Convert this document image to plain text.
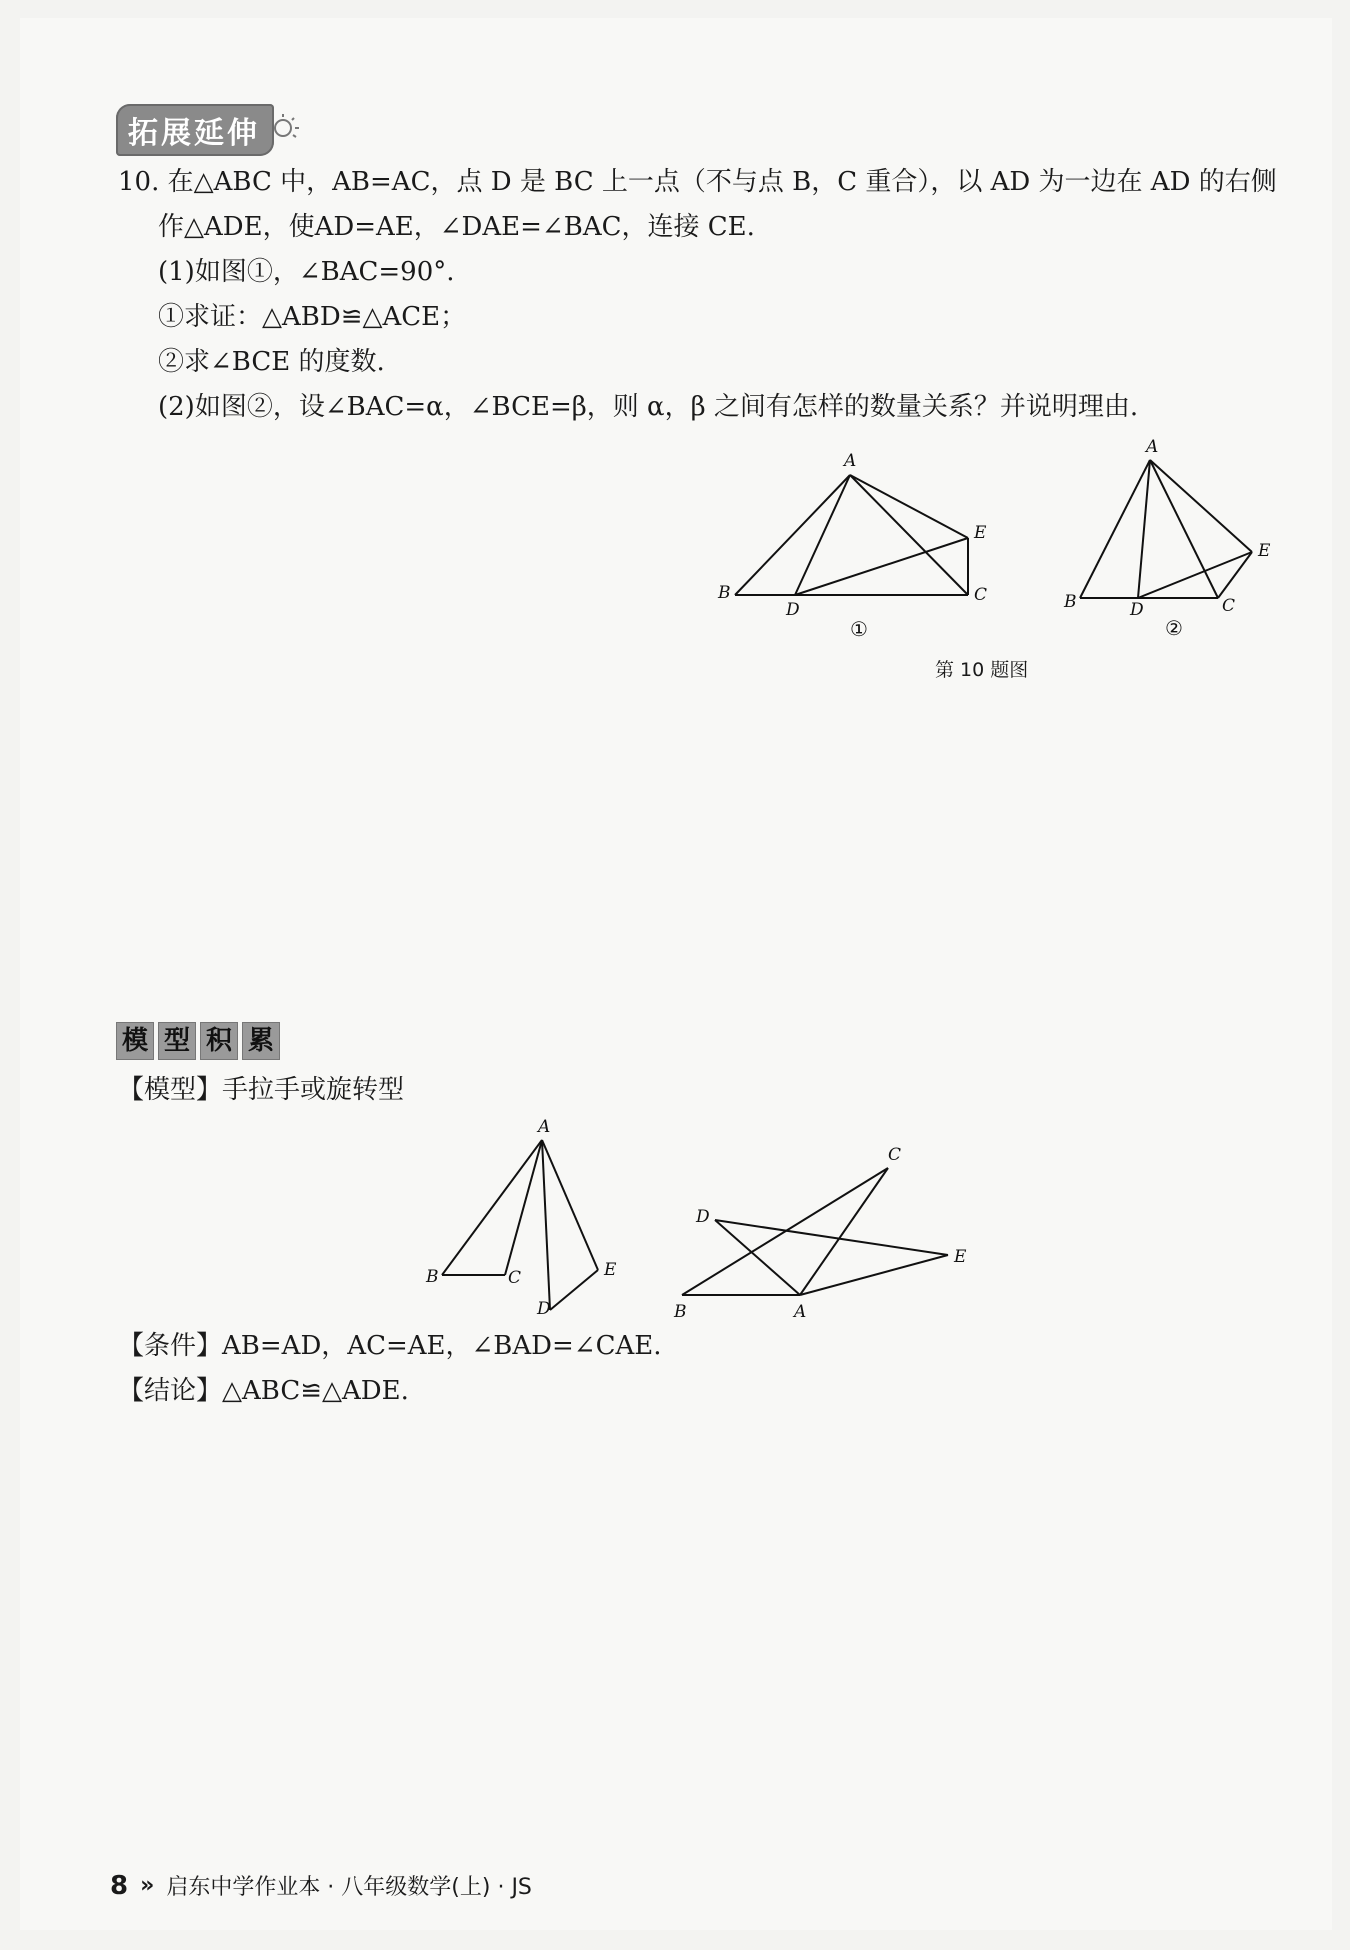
拓展延伸
10. 在△ABC 中，AB=AC，点 D 是 BC 上一点（不与点 B，C 重合），以 AD 为一边在 AD 的右侧
作△ADE，使AD=AE，∠DAE=∠BAC，连接 CE.
(1)如图①，∠BAC=90°.
①求证：△ABD≌△ACE；
②求∠BCE 的度数.
(2)如图②，设∠BAC=α，∠BCE=β，则 α，β 之间有怎样的数量关系？并说明理由.
A
B	C
D
E
①
A
B	C
D
E
②
第 10 题图
模 型 积 累
【模型】手拉手或旋转型
A
B	C
D
E
C
D
E
B	A
【条件】AB=AD，AC=AE，∠BAD=∠CAE.
【结论】△ABC≌△ADE.
8 » 启东中学作业本 · 八年级数学(上) · JS
